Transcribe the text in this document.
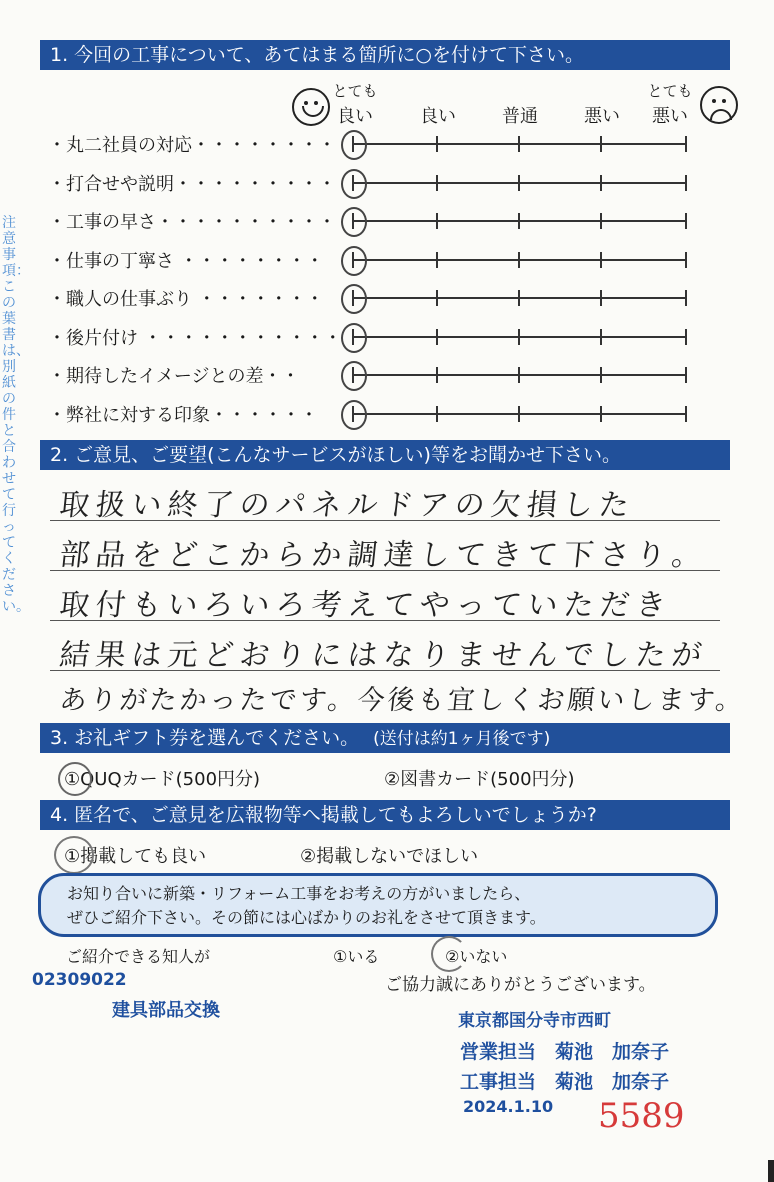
注意事項：この葉書は、別紙の件と合わせて行ってください。
1. 今回の工事について、あてはまる箇所に○を付けて下さい。
とても
良い	良い	普通	悪い
とても
悪い
・丸二社員の対応・・・・・・・・
・打合せや説明・・・・・・・・・
・工事の早さ・・・・・・・・・・
・仕事の丁寧さ ・・・・・・・・
・職人の仕事ぶり ・・・・・・・
・後片付け ・・・・・・・・・・・
・期待したイメージとの差・・
・弊社に対する印象・・・・・・
2. ご意見、ご要望(こんなサービスがほしい)等をお聞かせ下さい。
取扱い終了のパネルドアの欠損した
部品をどこからか調達してきて下さり。
取付もいろいろ考えてやっていただき
結果は元どおりにはなりませんでしたが
ありがたかったです。今後も宜しくお願いします。
3. お礼ギフト券を選んでください。 (送付は約1ヶ月後です)
①QUQカード(500円分)	②図書カード(500円分)
4. 匿名で、ご意見を広報物等へ掲載してもよろしいでしょうか?
①掲載しても良い	②掲載しないでほしい
お知り合いに新築・リフォーム工事をお考えの方がいましたら、
ぜひご紹介下さい。その節には心ばかりのお礼をさせて頂きます。
ご紹介できる知人が	①いる	②いない
ご協力誠にありがとうございます。
02309022
建具部品交換	東京都国分寺市西町
営業担当　菊池　加奈子
工事担当　菊池　加奈子
2024.1.10 5589
